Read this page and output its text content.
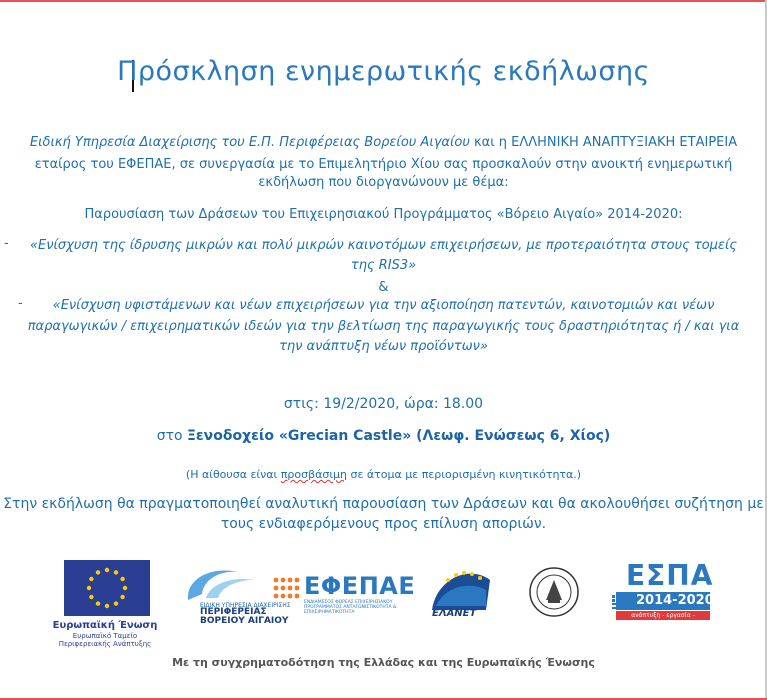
Πρόσκληση ενημερωτικής εκδήλωσης
Ειδική Υπηρεσία Διαχείρισης του Ε.Π. Περιφέρειας Βορείου Αιγαίου και η ΕΛΛΗΝΙΚΗ ΑΝΑΠΤΥΞΙΑΚΗ ΕΤΑΙΡΕΙΑ
εταίρος του ΕΦΕΠΑΕ, σε συνεργασία με το Επιμελητήριο Χίου σας προσκαλούν στην ανοικτή ενημερωτική
εκδήλωση που διοργανώνουν με θέμα:
Παρουσίαση των Δράσεων του Επιχειρησιακού Προγράμματος «Βόρειο Αιγαίο» 2014-2020:
-	«Ενίσχυση της ίδρυσης μικρών και πολύ μικρών καινοτόμων επιχειρήσεων, με προτεραιότητα στους τομείς
της RIS3»
&
-	«Ενίσχυση υφιστάμενων και νέων επιχειρήσεων για την αξιοποίηση πατεντών, καινοτομιών και νέων
παραγωγικών / επιχειρηματικών ιδεών για την βελτίωση της παραγωγικής τους δραστηριότητας ή / και για
την ανάπτυξη νέων προϊόντων»
στις: 19/2/2020, ώρα: 18.00
στο Ξενοδοχείο «Grecian Castle» (Λεωφ. Ενώσεως 6, Χίος)
(Η αίθουσα είναι προσβάσιμη σε άτομα με περιορισμένη κινητικότητα.)
Στην εκδήλωση θα πραγματοποιηθεί αναλυτική παρουσίαση των Δράσεων και θα ακολουθήσει συζήτηση με
τους ενδιαφερόμενους προς επίλυση αποριών.
Ευρωπαϊκή Ένωση
Ευρωπαϊκό Ταμείο
Περιφερειακής Ανάπτυξης
ΕΙΔΙΚΗ ΥΠΗΡΕΣΙΑ ΔΙΑΧΕΙΡΙΣΗΣ
ΠΕΡΙΦΕΡΕΙΑΣ
ΒΟΡΕΙΟΥ ΑΙΓΑΙΟΥ
ΕΦΕΠΑΕ
ΕΝΔΙΑΜΕΣΟΣ ΦΟΡΕΑΣ ΕΠΙΧΕΙΡΗΣΙΑΚΟΥ ΠΡΟΓΡΑΜΜΑΤΟΣ ΑΝΤΑΓΩΝΙΣΤΙΚΟΤΗΤΑ & ΕΠΙΧΕΙΡΗΜΑΤΙΚΟΤΗΤΑ	ΕΛΑΝΕΤ
ΕΣΠΑ
2014-2020
ανάπτυξη - εργασία - αλληλεγγύη
Με τη συγχρηματοδότηση της Ελλάδας και της Ευρωπαϊκής Ένωσης
